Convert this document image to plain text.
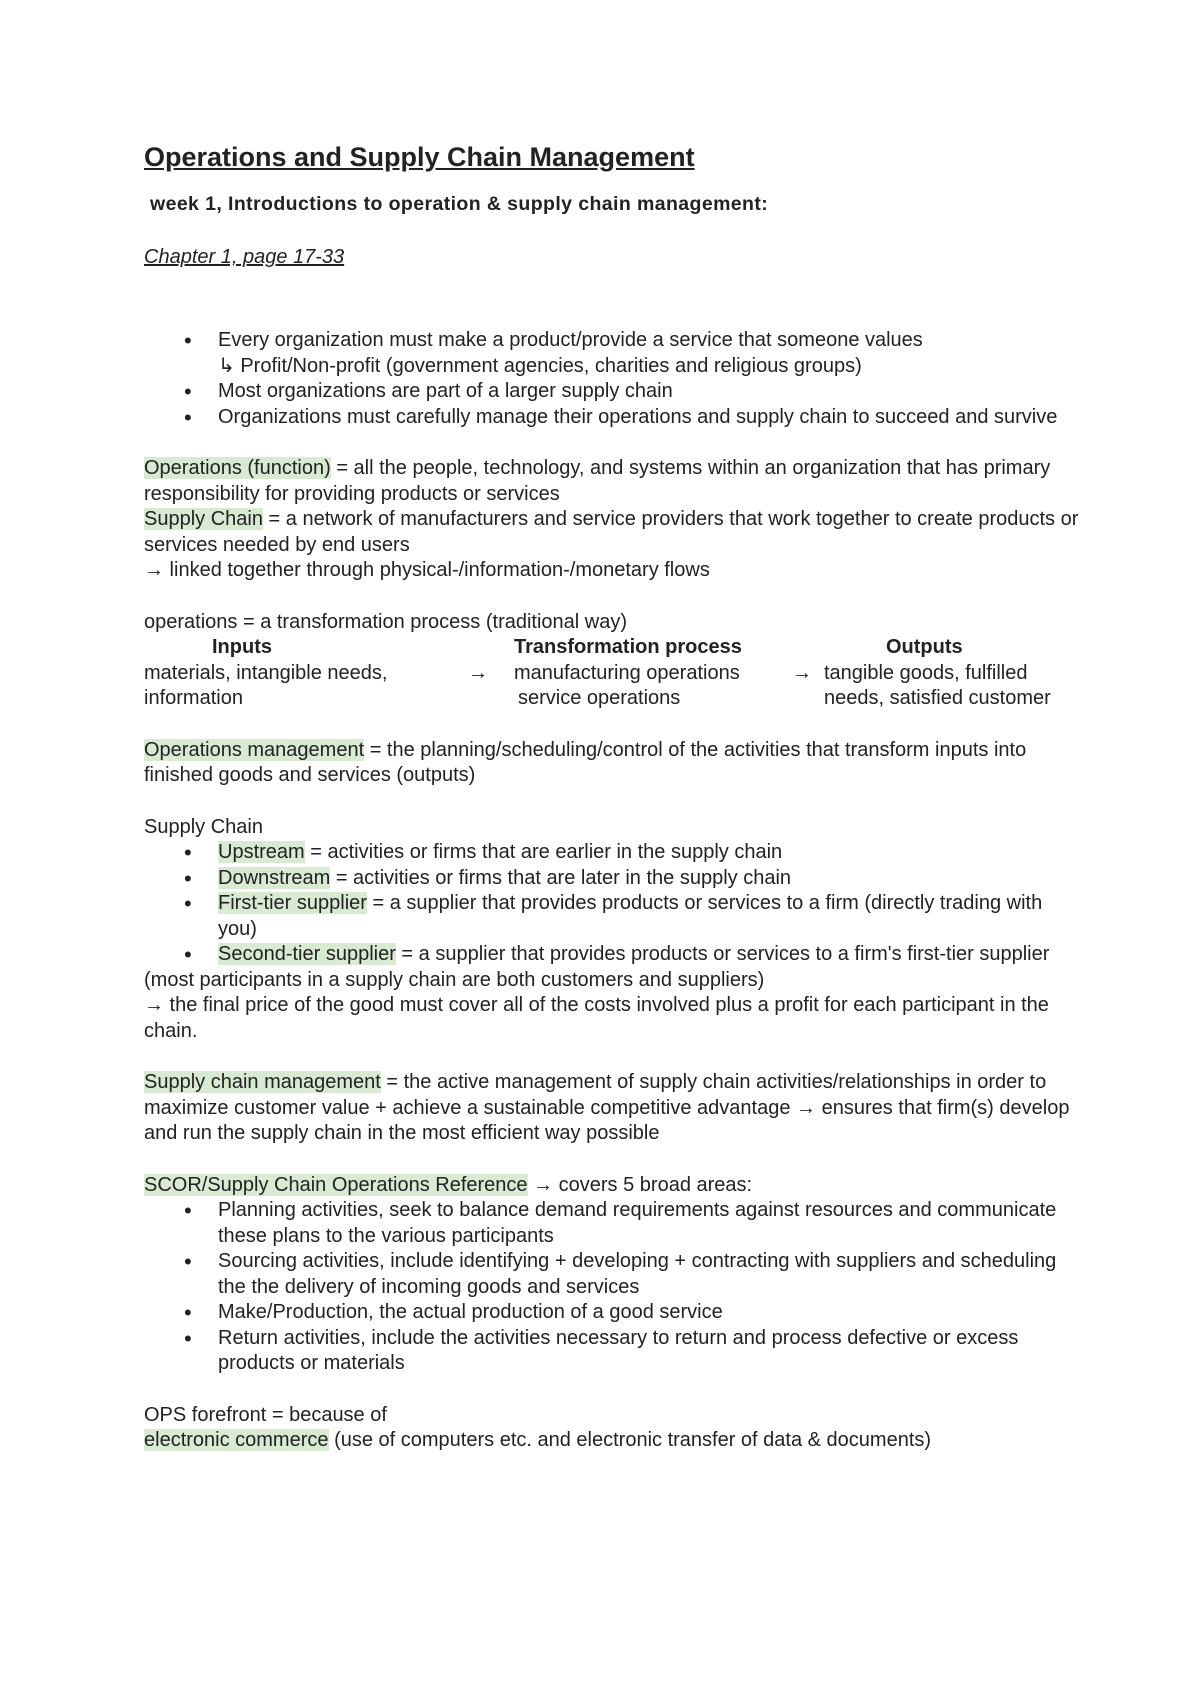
Operations and Supply Chain Management
week 1, Introductions to operation & supply chain management:
Chapter 1, page 17-33
• Every organization must make a product/provide a service that someone values
↳ Profit/Non-profit (government agencies, charities and religious groups)
• Most organizations are part of a larger supply chain
• Organizations must carefully manage their operations and supply chain to succeed and survive
Operations (function) = all the people, technology, and systems within an organization that has primary responsibility for providing products or services
Supply Chain = a network of manufacturers and service providers that work together to create products or services needed by end users
→ linked together through physical-/information-/monetary flows
operations = a transformation process (traditional way)
Inputs	Transformation process	Outputs
materials, intangible needs,	→	manufacturing operations	→ tangible goods, fulfilled
information	service operations	needs, satisfied customer
Operations management = the planning/scheduling/control of the activities that transform inputs into finished goods and services (outputs)
Supply Chain
• Upstream = activities or firms that are earlier in the supply chain
• Downstream = activities or firms that are later in the supply chain
• First-tier supplier = a supplier that provides products or services to a firm (directly trading with you)
• Second-tier supplier = a supplier that provides products or services to a firm's first-tier supplier
(most participants in a supply chain are both customers and suppliers)
→ the final price of the good must cover all of the costs involved plus a profit for each participant in the chain.
Supply chain management = the active management of supply chain activities/relationships in order to maximize customer value + achieve a sustainable competitive advantage → ensures that firm(s) develop and run the supply chain in the most efficient way possible
SCOR/Supply Chain Operations Reference → covers 5 broad areas:
• Planning activities, seek to balance demand requirements against resources and communicate these plans to the various participants
• Sourcing activities, include identifying + developing + contracting with suppliers and scheduling the the delivery of incoming goods and services
• Make/Production, the actual production of a good service
• Return activities, include the activities necessary to return and process defective or excess products or materials
OPS forefront = because of
electronic commerce (use of computers etc. and electronic transfer of data & documents)
